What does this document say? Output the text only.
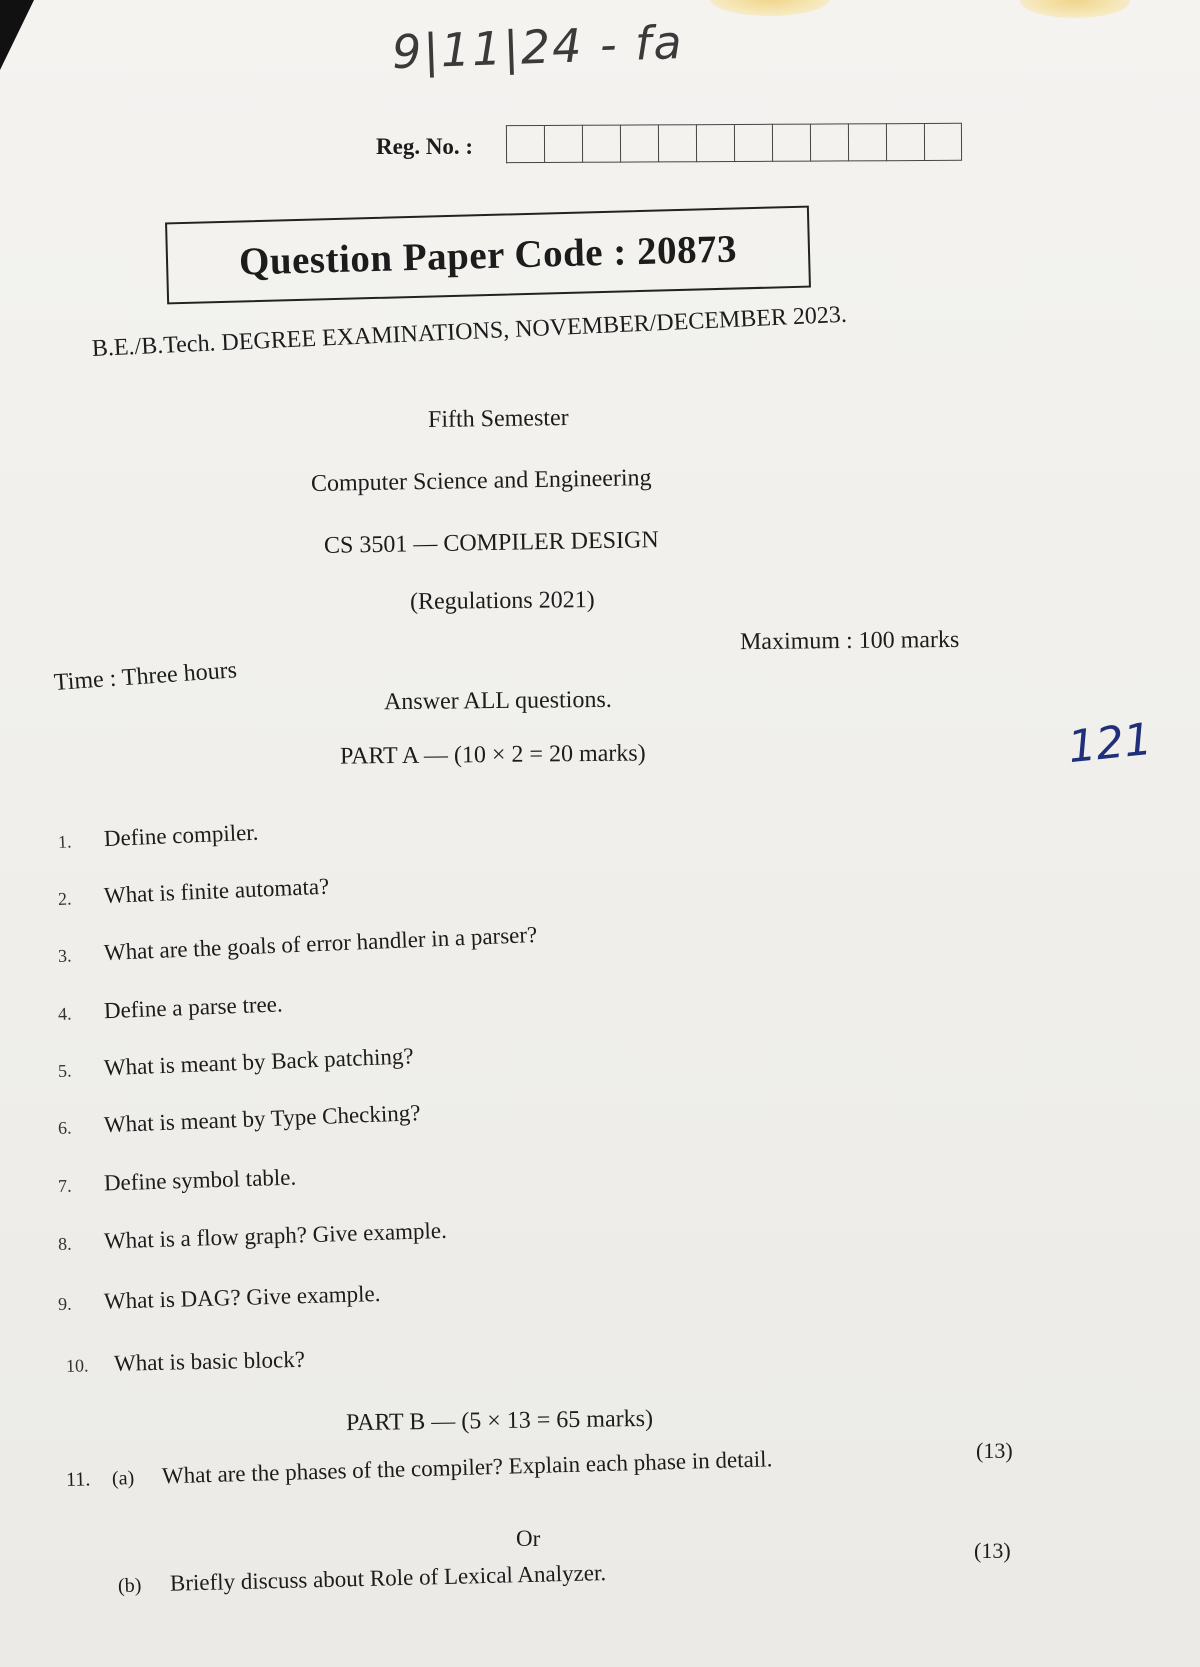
9|11|24 - fa
Reg. No. :
Question Paper Code : 20873
B.E./B.Tech. DEGREE EXAMINATIONS, NOVEMBER/DECEMBER 2023.
Fifth Semester
Computer Science and Engineering
CS 3501 — COMPILER DESIGN
(Regulations 2021)
Maximum : 100 marks
Time : Three hours
Answer ALL questions.
PART A — (10 × 2 = 20 marks)	121
1. Define compiler.
2. What is finite automata?
3. What are the goals of error handler in a parser?
4. Define a parse tree.
5. What is meant by Back patching?
6. What is meant by Type Checking?
7. Define symbol table.
8. What is a flow graph? Give example.
9. What is DAG? Give example.
10. What is basic block?
PART B — (5 × 13 = 65 marks)
11. (a) What are the phases of the compiler? Explain each phase in detail.	(13)
Or	(13)
(b) Briefly discuss about Role of Lexical Analyzer.
